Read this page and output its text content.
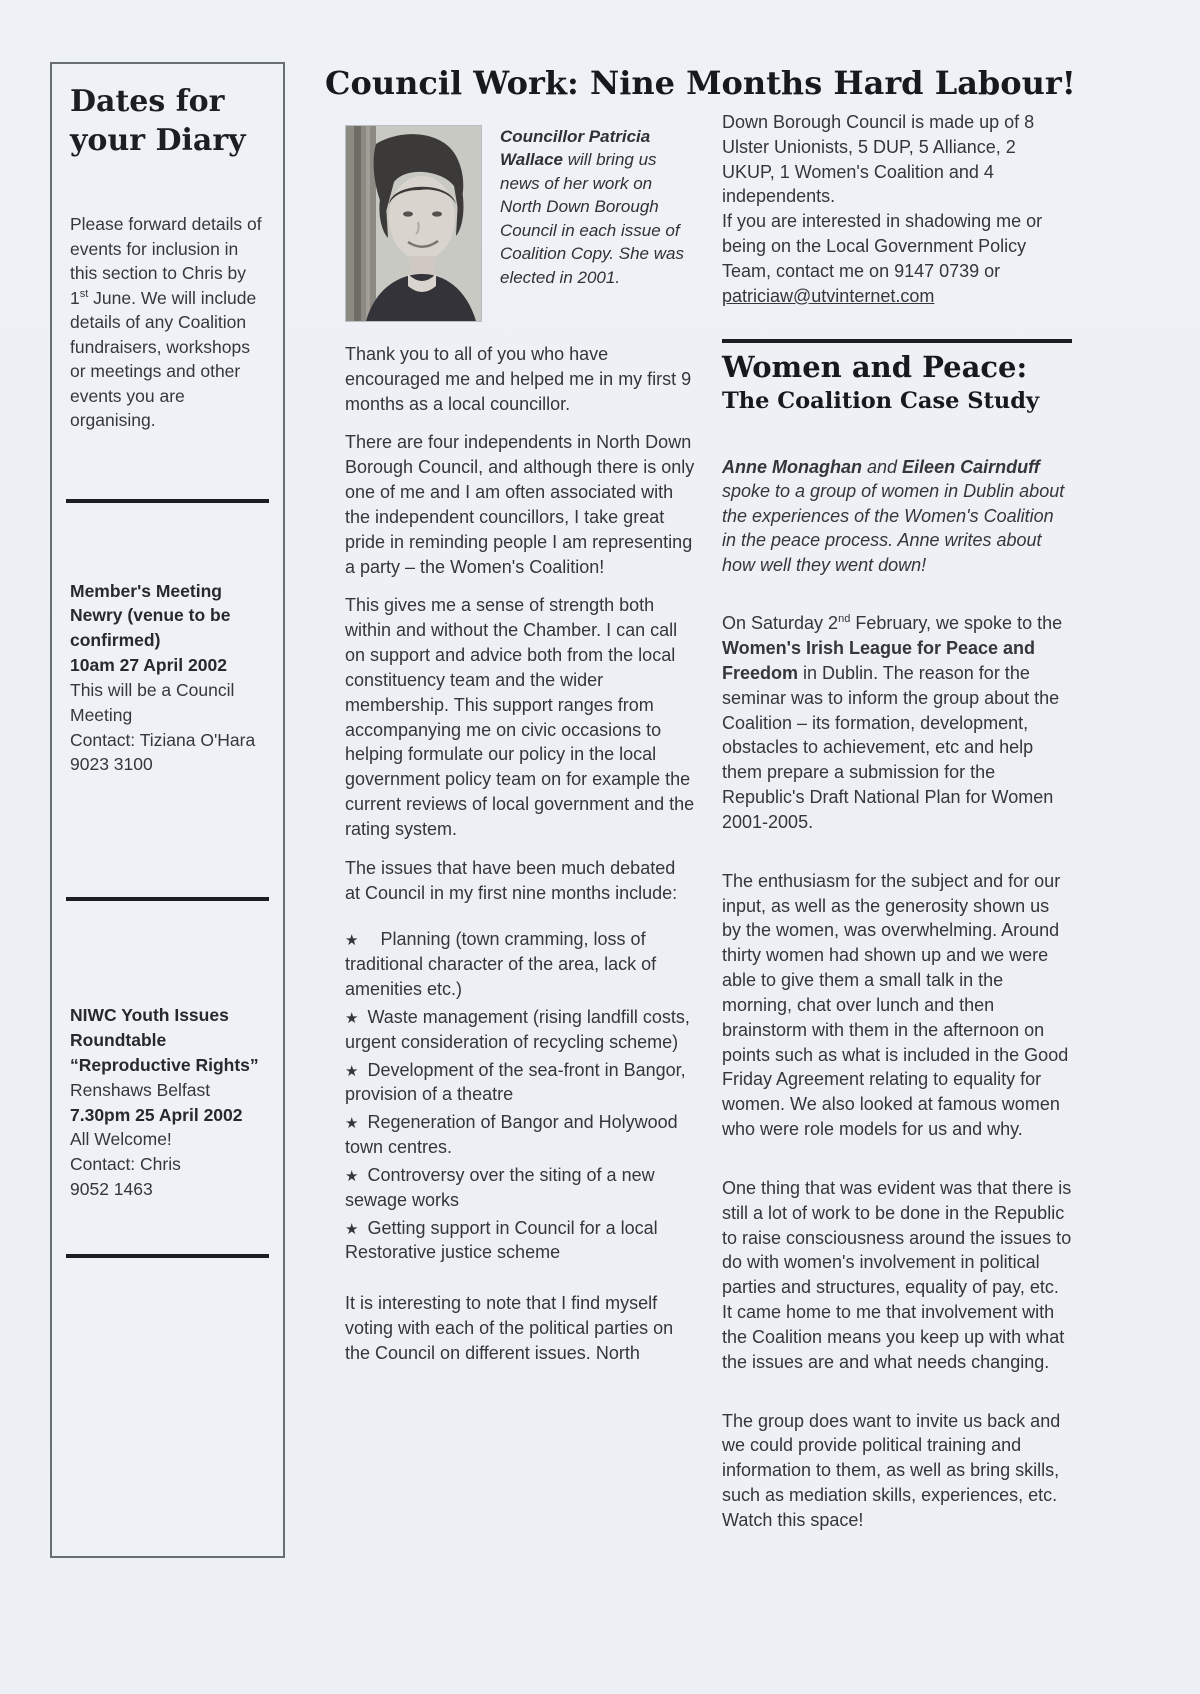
Dates for your Diary

Please forward details of events for inclusion in this section to Chris by 1st June. We will include details of any Coalition fundraisers, workshops or meetings and other events you are organising.

Member's Meeting
Newry (venue to be confirmed)
10am 27 April 2002
This will be a Council Meeting
Contact: Tiziana O'Hara
9023 3100
NIWC Youth Issues Roundtable
“Reproductive Rights”
Renshaws Belfast
7.30pm 25 April 2002
All Welcome!
Contact: Chris
9052 1463
Council Work: Nine Months Hard Labour!

Councillor Patricia Wallace will bring us news of her work on North Down Borough Council in each issue of Coalition Copy. She was elected in 2001.

Thank you to all of you who have encouraged me and helped me in my first 9 months as a local councillor.

There are four independents in North Down Borough Council, and although there is only one of me and I am often associated with the independent councillors, I take great pride in reminding people I am representing a party – the Women's Coalition!

This gives me a sense of strength both within and without the Chamber. I can call on support and advice both from the local constituency team and the wider membership. This support ranges from accompanying me on civic occasions to helping formulate our policy in the local government policy team on for example the current reviews of local government and the rating system.

The issues that have been much debated at Council in my first nine months include:

★ Planning (town cramming, loss of traditional character of the area, lack of amenities etc.)
★ Waste management (rising landfill costs, urgent consideration of recycling scheme)
★ Development of the sea-front in Bangor, provision of a theatre
★ Regeneration of Bangor and Holywood town centres.
★ Controversy over the siting of a new sewage works
★ Getting support in Council for a local Restorative justice scheme

It is interesting to note that I find myself voting with each of the political parties on the Council on different issues. North

Down Borough Council is made up of 8 Ulster Unionists, 5 DUP, 5 Alliance, 2 UKUP, 1 Women's Coalition and 4 independents.

If you are interested in shadowing me or being on the Local Government Policy Team, contact me on 9147 0739 or patriciaw@utvinternet.com

Women and Peace:
The Coalition Case Study

Anne Monaghan and Eileen Cairnduff spoke to a group of women in Dublin about the experiences of the Women's Coalition in the peace process. Anne writes about how well they went down!

On Saturday 2nd February, we spoke to the Women's Irish League for Peace and Freedom in Dublin. The reason for the seminar was to inform the group about the Coalition – its formation, development, obstacles to achievement, etc and help them prepare a submission for the Republic's Draft National Plan for Women 2001-2005.

The enthusiasm for the subject and for our input, as well as the generosity shown us by the women, was overwhelming. Around thirty women had shown up and we were able to give them a small talk in the morning, chat over lunch and then brainstorm with them in the afternoon on points such as what is included in the Good Friday Agreement relating to equality for women. We also looked at famous women who were role models for us and why.

One thing that was evident was that there is still a lot of work to be done in the Republic to raise consciousness around the issues to do with women's involvement in political parties and structures, equality of pay, etc. It came home to me that involvement with the Coalition means you keep up with what the issues are and what needs changing.

The group does want to invite us back and we could provide political training and information to them, as well as bring skills, such as mediation skills, experiences, etc. Watch this space!
